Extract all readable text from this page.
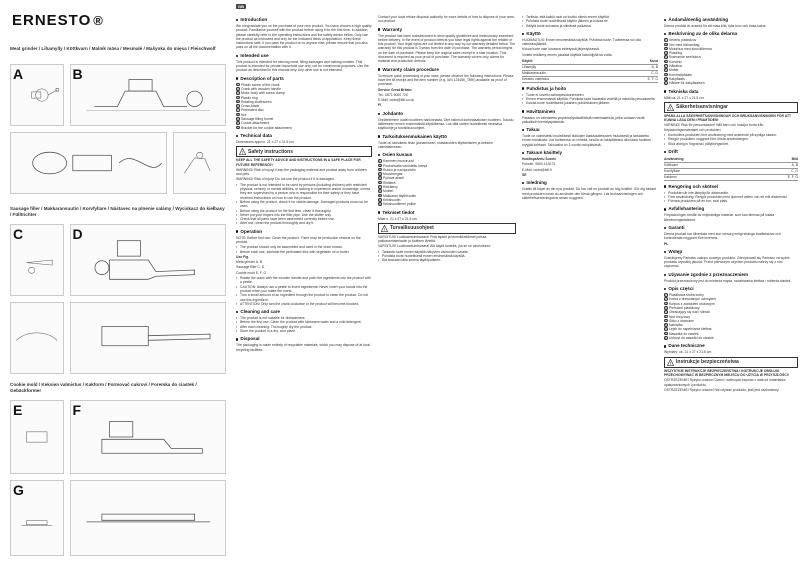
ERNESTO ®
Meat grinder / Lihamylly / Köttkvarn / Malník mäsa / Mesmalé / Mašynka do mięsa / Fleischwolf
A	B
Sausage filler / Makkaransuutin / Korvfyllare / Nástavec na plnenie salámy / Wyciskacz do kiełbasy / Fülltrichter
C	D
Cookie mold / Keksien valmistus / Kakform / Formovač cukroví / Foremka do ciastek / Gebäckformer
E	F
G
GB
Introduction

We congratulate you on the purchase of your new product. You have chosen a high quality product. Familiarise yourself with the product before using it for the first time. In addition, please carefully refer to the operating instructions and the safety advice below. Only use the product as instructed and only for the indicated fields of application. Keep these instructions safe. If you pass the product on to anyone else, please ensure that you also pass on all the documentation with it.

Intended use

This product is intended for mincing meat, filling sausages and making cookies. This product is intended for private household use only, not for commercial purposes. Use the product as described in this manual only. Any other use is not intended.

Description of parts
1 Plastic screw of the crank
2 Crank with wooden handle
3 Motor body with screw clamp
4 Plastic ring
5 Rotating shaft/screw
6 Cross-blade
7 Perforated disc
8 Nut
9 Sausage filling funnel
10 Cookie attachment
11 Bracket for the cookie attachment
Technical data

Dimensions approx. 21 x 27 x 21.5 cm

! Safety instructions

KEEP ALL THE SAFETY ADVICE AND INSTRUCTIONS IN A SAFE PLACE FOR FUTURE REFERENCE!

WARNING! Risk of injury! Keep the packaging material and product away from children and pets.

WARNING! Risk of injury! Do not use the product if it is damaged.

▪ The product is not intended to be used by persons (including children) with restricted physical, sensory or mental abilities, or lacking in experience and/or knowledge, unless they are supervised by a person who is responsible for their safety or they have received instructions on how to use the product.
▪ Before using the product, check it for visible damage. Damaged products must not be used.
▪ Before using the product for the first time, clean it thoroughly.
▪ Never put your fingers into the filler pipe. Use the stuffer only.
▪ Check that all parts have been assembled correctly before use.
▪ After use, clean the product thoroughly and dry it.
Operation

NOTE: Before first use: Clean the product. There may be production residue on the product.

▪ The product should only be assembled and used in the order shown.
▪ Before each use, lubricate the perforated disc with vegetable oil or butter.

Use Fig.

Meat grinder A, B

Sausage filler C, D

Cookie mold E, F, G

▪ Rotate the crank with the wooden handle and push the ingredients into the product with a pestle.
▪ CAUTION: Always use a pestle to insert ingredients! Never insert your hands into the product when you rotate the crank.
▪ Turn a small amount of an ingredient through the product to clean the product. Do not use this ingredient.
▪ ATTENTION! Only turn the crank clockwise or the product will become blocked.
Cleaning and care
▪ The product is not suitable for dishwashers.
▪ Before the first use: Clean the product with lukewarm water and a mild detergent.
▪ After each cleaning: Thoroughly dry the product.
▪ Store the product in a dry, cool place.
Disposal

The packaging is made entirely of recyclable materials, which you may dispose of at local recycling facilities.

Contact your local refuse disposal authority for more details of how to dispose of your worn-out product.

Warranty

The product has been manufactured to strict quality guidelines and meticulously examined before delivery. In the event of product defects you have legal rights against the retailer of this product. Your legal rights are not limited in any way by our warranty detailed below. The warranty for this product is 3 years from the date of purchase. The warranty period begins on the date of purchase. Please keep the original sales receipt in a safe location. This document is required as your proof of purchase. The warranty covers only claims for material and production defects.

Warranty claim procedure

To ensure quick processing of your case, please observe the following instructions: Please have the till receipt and the item number (e.g. IAN 123456_7890) available as proof of purchase.

Service Great Britain

Tel.: 0871 5000 720

E-Mail: owim@lidl.co.uk

FI

Johdanto

Onnittelemme uuden tuotteen hankinnasta. Olet valinnut korkealaatuisen tuotteen. Tutustu laitteeseen ennen ensimmäistä käyttökertaa. Lue tätä varten huolellisesti seuraava käyttöohje ja turvallisuusohjeet.

Tarkoituksenmukainen käyttö

Tuote on tarkoitettu lihan jauhamiseen, makkaroiden täyttämiseen ja keksien valmistamiseen.

Osien kuvaus
1 Kammen muoviruuvi
2 Puukahvalla varustettu kampi
3 Runko ja ruuvipuristin
4 Muovirengas
5 Pyörivä akseli
6 Ristiterä
7 Reikälevy
8 Mutteri
9 Makkaran täyttösuutin
10 Keksisuutin
11 Keksisuuttimen pidike
Tekniset tiedot

Mitat n. 21 x 27 x 21,5 cm

! Turvallisuusohjeet

VAROITUS! Loukkaantumisvaara! Pidä lapset ja lemmikkieläimet poissa pakkausmateriaalin ja tuotteen läheltä.

VAROITUS! Loukkaantumisvaara! Älä käytä tuotetta, jos se on vaurioitunut.

▪ Tarkasta tuote ennen käyttöä näkyvien vaurioiden varalta.
▪ Puhdista tuote huolellisesti ennen ensimmäistä käyttöä.
▪ Älä koskaan laita sormia täyttöputkeen.
▪ Tarkista, että kaikki osat on koottu oikein ennen käyttöä.
▪ Puhdista tuote huolellisesti käytön jälkeen ja kuivaa se.
▪ Säilytä tuote kuivassa ja viileässä paikassa.
Käyttö

HUOMAUTUS: Ennen ensimmäistä käyttöä: Puhdista tuote. Tuotteessa voi olla valmistusjäämiä.

Kokoa tuote vain kuvassa esitetyssä järjestyksessä.

Voitele reikälevy ennen jokaista käyttöä kasviöljyllä tai voilla.

Käyttö	Kuva
Lihamylly	A, B
Makkaransuutin	C, D
Keksien valmistus	E, F, G
Puhdistus ja hoito
▪ Tuote ei sovellu astianpesukoneeseen.
▪ Ennen ensimmäistä käyttöä: Puhdista tuote haalealla vedellä ja miedolla pesuaineella.
▪ Kuivaa tuote huolellisesti jokaisen puhdistuksen jälkeen.
Hävittäminen

Pakkaus on valmistettu ympäristöystävällisistä materiaaleista, jotka voidaan viedä paikallisiin kierrätyspisteisiin.

Takuu

Tuote on valmistettu huolellisesti tiukkojen laatuvaatimusten mukaisesti ja tarkastettu ennen toimitusta. Jos tuotteessa on virheitä, sinulla on lakisääteisiä oikeuksia tuotteen myyjää kohtaan. Takuuaika on 3 vuotta ostopäivästä.

Takuun käsittely

Huoltopalvelu Suomi

Puhelin: 0800 413073

E-Mail: owim@lidl.fi

SE

Inledning

Grattis till köpet av din nya produkt. Du har valt en produkt av hög kvalitet. Gör dig bekant med produkten innan du använder den första gången. Läs bruksanvisningen och säkerhetsanvisningarna nedan noggrant.

Ändamålsenlig användning

Denna produkt är avsedd för att mala kött, fylla korv och baka kakor.

Beskrivning av de olika delarna
1 Vevens plastskruv
2 Vev med trähandtag
3 Motorhus med skruvklämma
4 Plastring
5 Roterande axel/skruv
6 Korskniv
7 Hålskiva
8 Mutter
9 Korvtrattpåsats
10 Kakpåsats
11 Hållare för kakpåsatsen
Tekniska data

Mått ca. 21 x 27 x 21,5 cm

! Säkerhetsanvisningar

SPARA ALLA SÄKERHETSANVISNINGAR OCH BRUKSANVISNINGEN FÖR ATT KUNNA LÄSA DEM I FRAMTIDEN!

VARNING! Risk för personskador! Håll barn och husdjur borta från förpackningsmaterialet och produkten.

▪ Kontrollera produkten före användning med avseende på synliga skador.
▪ Rengör produkten noggrant före första användningen.
▪ Stick aldrig in fingrarna i påfyllningsröret.
Drift
Användning	Bild
Köttkvarn	A, B
Korvfyllare	C, D
Kakform	E, F, G
Rengöring och skötsel
▪ Produkten är inte lämplig för diskmaskin.
▪ Före användning: Rengör produkten med ljummet vatten och ett milt diskmedel.
▪ Förvara produkten på en torr, sval plats.
Avfallshantering

Förpackningen består av miljövänliga material, som kan lämnas på lokala återvinningsstationer.

Garanti

Denna produkt har tillverkats med stor omsorg enligt stränga kvalitetskrav och kontrollerats noggrant före leverans.

PL

Wstęp

Gratulujemy Państwu zakupu nowego produktu. Zdecydowali się Państwo na wybór produktu wysokiej jakości. Przed pierwszym użyciem produktu należy się z nim zapoznać.

Używanie zgodnie z przeznaczeniem

Produkt przeznaczony jest do mielenia mięsa, nadziewania kiełbas i robienia ciastek.

Opis części
1 Plastikowa śruba korby
2 Korba z drewnianym uchwytem
3 Korpus z zaciskiem śrubowym
4 Pierścień plastikowy
5 Obracający się wał / ślimak
6 Nóż krzyżowy
7 Sitko z otworami
8 Nakrętka
9 Lejek do napełniania kiełbas
10 Nasadka do ciastek
11 Uchwyt do nasadki do ciastek
Dane techniczne

Wymiary: ok. 21 x 27 x 21,5 cm

! Instrukcje bezpieczeństwa

WSZYSTKIE INSTRUKCJE BEZPIECZEŃSTWA I INSTRUKCJE OBSŁUGI PRZECHOWYWAĆ W BEZPIECZNYM MIEJSCU DO UŻYCIA W PRZYSZŁOŚCI!

OSTRZEŻENIE! Ryzyko urazów! Dzieci i zwierzęta trzymać z dala od materiałów opakowaniowych i produktu.

OSTRZEŻENIE! Ryzyko urazów! Nie używać produktu, jeśli jest uszkodzony.
